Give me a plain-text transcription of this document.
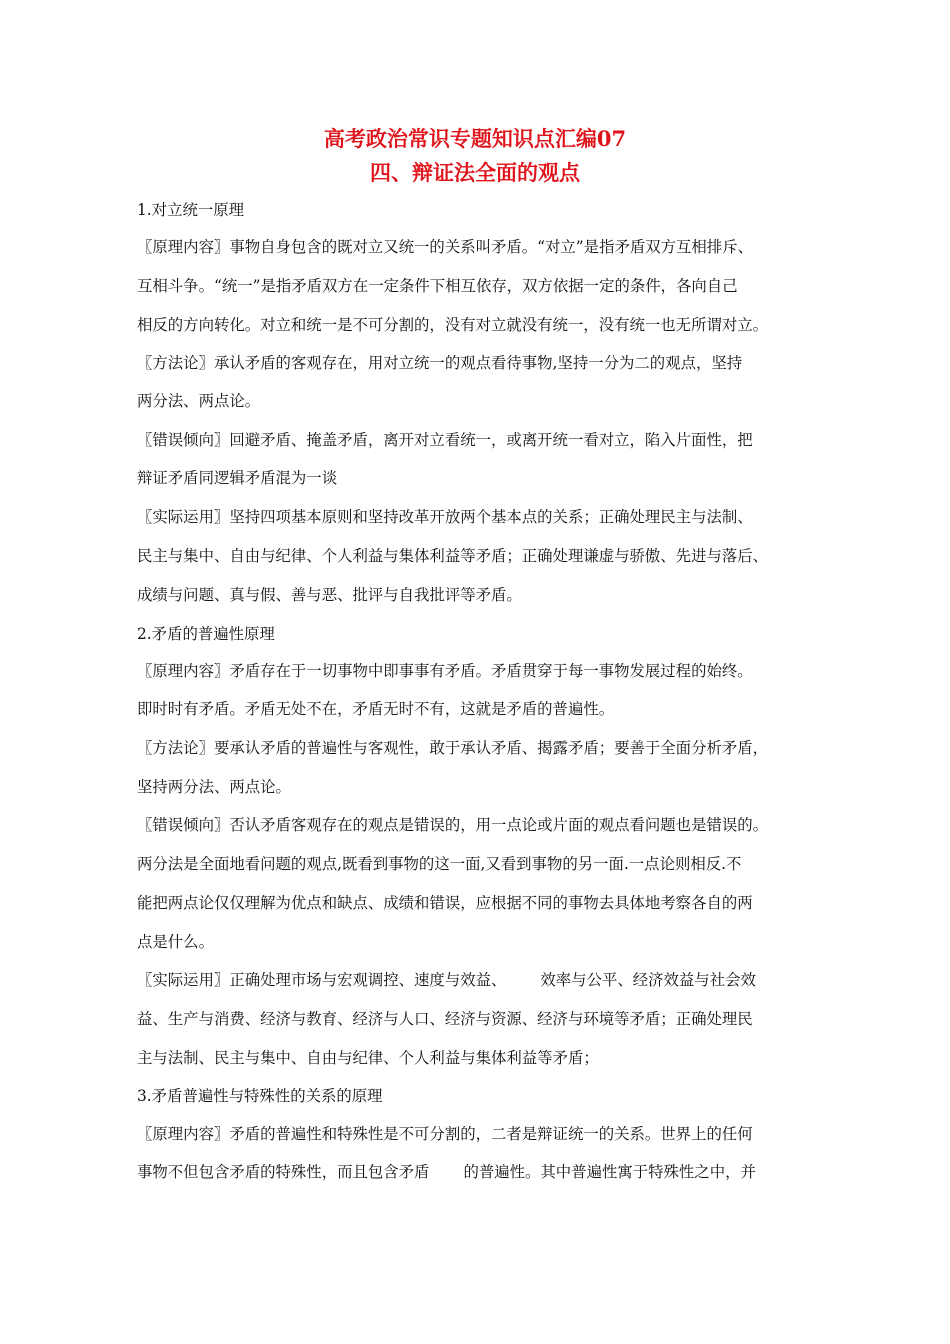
高考政治常识专题知识点汇编07
四、辩证法全面的观点
1.对立统一原理
〖原理内容〗事物自身包含的既对立又统一的关系叫矛盾。“对立”是指矛盾双方互相排斥、
互相斗争。“统一”是指矛盾双方在一定条件下相互依存，双方依据一定的条件，各向自己
相反的方向转化。对立和统一是不可分割的，没有对立就没有统一，没有统一也无所谓对立。
〖方法论〗承认矛盾的客观存在，用对立统一的观点看待事物,坚持一分为二的观点，坚持
两分法、两点论。
〖错误倾向〗回避矛盾、掩盖矛盾，离开对立看统一，或离开统一看对立，陷入片面性，把
辩证矛盾同逻辑矛盾混为一谈
〖实际运用〗坚持四项基本原则和坚持改革开放两个基本点的关系；正确处理民主与法制、
民主与集中、自由与纪律、个人利益与集体利益等矛盾；正确处理谦虚与骄傲、先进与落后、
成绩与问题、真与假、善与恶、批评与自我批评等矛盾。
2.矛盾的普遍性原理
〖原理内容〗矛盾存在于一切事物中即事事有矛盾。矛盾贯穿于每一事物发展过程的始终。
即时时有矛盾。矛盾无处不在，矛盾无时不有，这就是矛盾的普遍性。
〖方法论〗要承认矛盾的普遍性与客观性，敢于承认矛盾、揭露矛盾；要善于全面分析矛盾，
坚持两分法、两点论。
〖错误倾向〗否认矛盾客观存在的观点是错误的，用一点论或片面的观点看问题也是错误的。
两分法是全面地看问题的观点,既看到事物的这一面,又看到事物的另一面.一点论则相反.不
能把两点论仅仅理解为优点和缺点、成绩和错误，应根据不同的事物去具体地考察各自的两
点是什么。
〖实际运用〗正确处理市场与宏观调控、速度与效益、 效率与公平、经济效益与社会效
益、生产与消费、经济与教育、经济与人口、经济与资源、经济与环境等矛盾；正确处理民
主与法制、民主与集中、自由与纪律、个人利益与集体利益等矛盾；
3.矛盾普遍性与特殊性的关系的原理
〖原理内容〗矛盾的普遍性和特殊性是不可分割的，二者是辩证统一的关系。世界上的任何
事物不但包含矛盾的特殊性，而且包含矛盾 的普遍性。其中普遍性寓于特殊性之中，并
